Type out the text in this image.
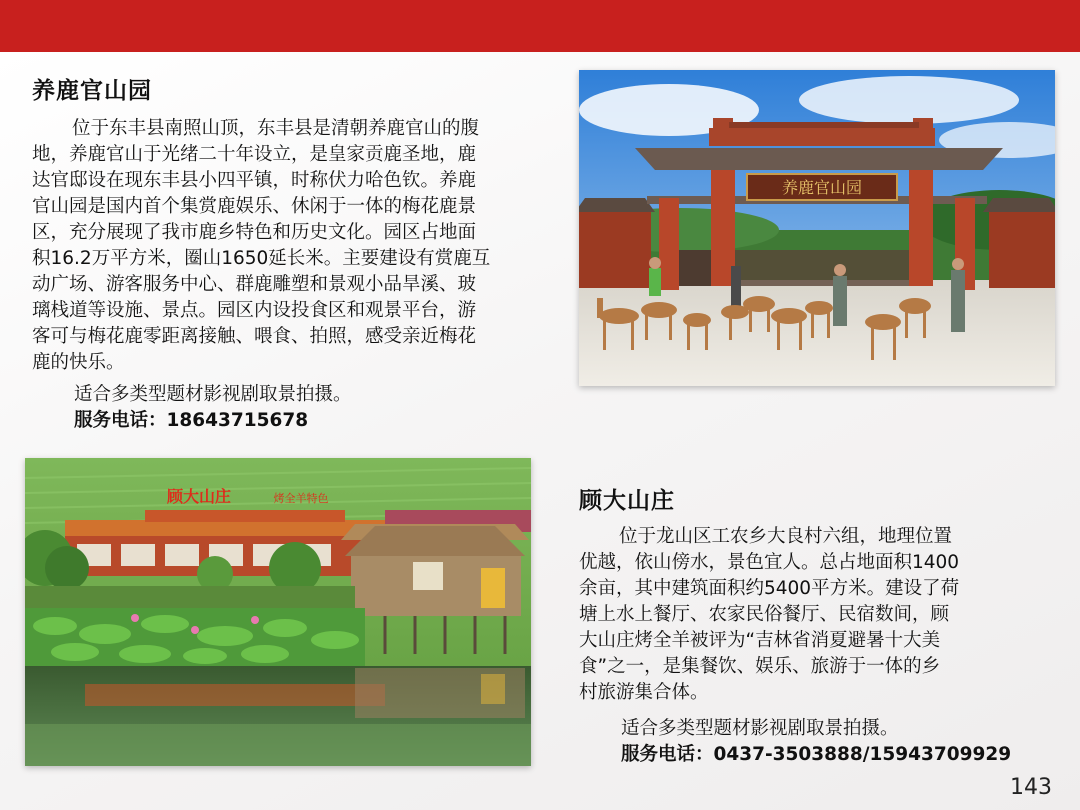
养鹿官山园
位于东丰县南照山顶，东丰县是清朝养鹿官山的腹
地，养鹿官山于光绪二十年设立，是皇家贡鹿圣地，鹿
达官邸设在现东丰县小四平镇，时称伏力哈色钦。养鹿
官山园是国内首个集赏鹿娱乐、休闲于一体的梅花鹿景
区，充分展现了我市鹿乡特色和历史文化。园区占地面
积16.2万平方米，圈山1650延长米。主要建设有赏鹿互
动广场、游客服务中心、群鹿雕塑和景观小品旱溪、玻
璃栈道等设施、景点。园区内设投食区和观景平台，游
客可与梅花鹿零距离接触、喂食、拍照，感受亲近梅花
鹿的快乐。
适合多类型题材影视剧取景拍摄。
服务电话：18643715678
养鹿官山园
顾大山庄	烤全羊特色	顾大山庄
位于龙山区工农乡大良村六组，地理位置
优越，依山傍水，景色宜人。总占地面积1400
余亩，其中建筑面积约5400平方米。建设了荷
塘上水上餐厅、农家民俗餐厅、民宿数间，顾
大山庄烤全羊被评为“吉林省消夏避暑十大美
食”之一，是集餐饮、娱乐、旅游于一体的乡
村旅游集合体。
适合多类型题材影视剧取景拍摄。
服务电话：0437-3503888/15943709929
143
